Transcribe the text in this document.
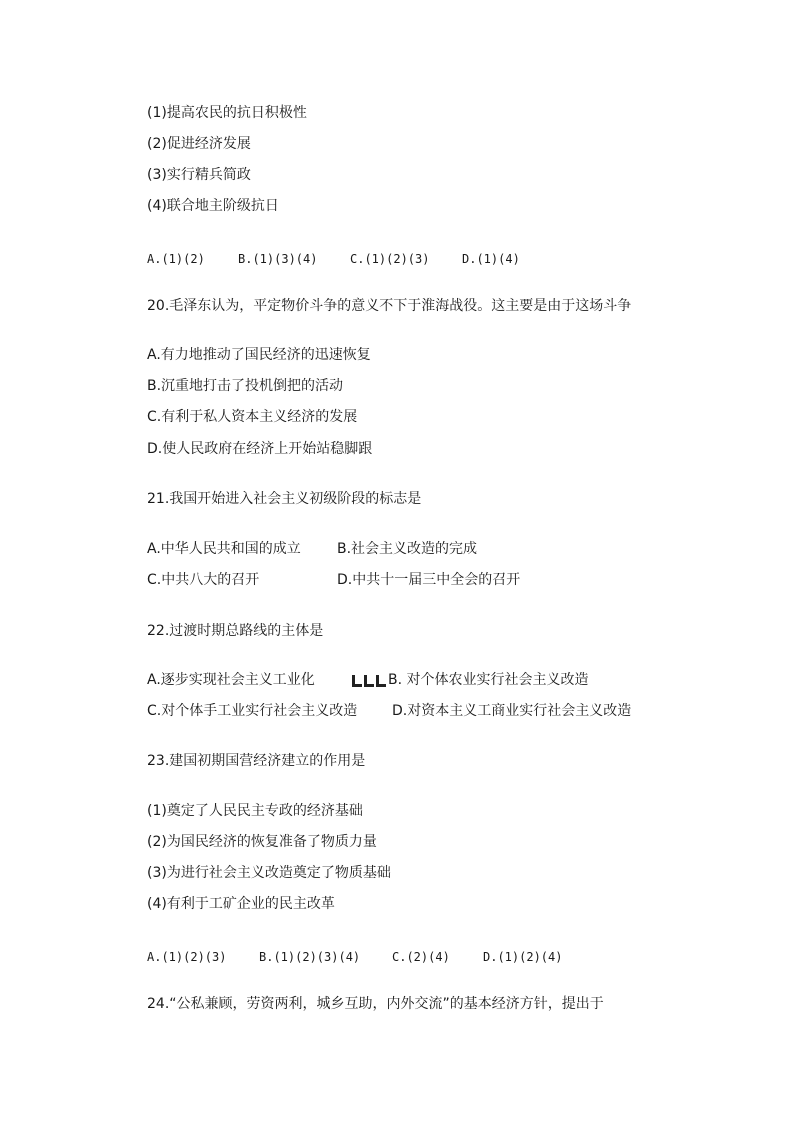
(1)提高农民的抗日积极性
(2)促进经济发展
(3)实行精兵简政
(4)联合地主阶级抗日
A.(1)(2)	B.(1)(3)(4)	C.(1)(2)(3)	D.(1)(4)
20.毛泽东认为，平定物价斗争的意义不下于淮海战役。这主要是由于这场斗争
A.有力地推动了国民经济的迅速恢复
B.沉重地打击了投机倒把的活动
C.有利于私人资本主义经济的发展
D.使人民政府在经济上开始站稳脚跟
21.我国开始进入社会主义初级阶段的标志是
A.中华人民共和国的成立	B.社会主义改造的完成
C.中共八大的召开	D.中共十一届三中全会的召开
22.过渡时期总路线的主体是
A.逐步实现社会主义工业化	B. 对个体农业实行社会主义改造
C.对个体手工业实行社会主义改造 D.对资本主义工商业实行社会主义改造
23.建国初期国营经济建立的作用是
(1)奠定了人民民主专政的经济基础
(2)为国民经济的恢复准备了物质力量
(3)为进行社会主义改造奠定了物质基础
(4)有利于工矿企业的民主改革
A.(1)(2)(3)	B.(1)(2)(3)(4)	C.(2)(4)	D.(1)(2)(4)
24.“公私兼顾，劳资两利，城乡互助，内外交流”的基本经济方针，提出于
